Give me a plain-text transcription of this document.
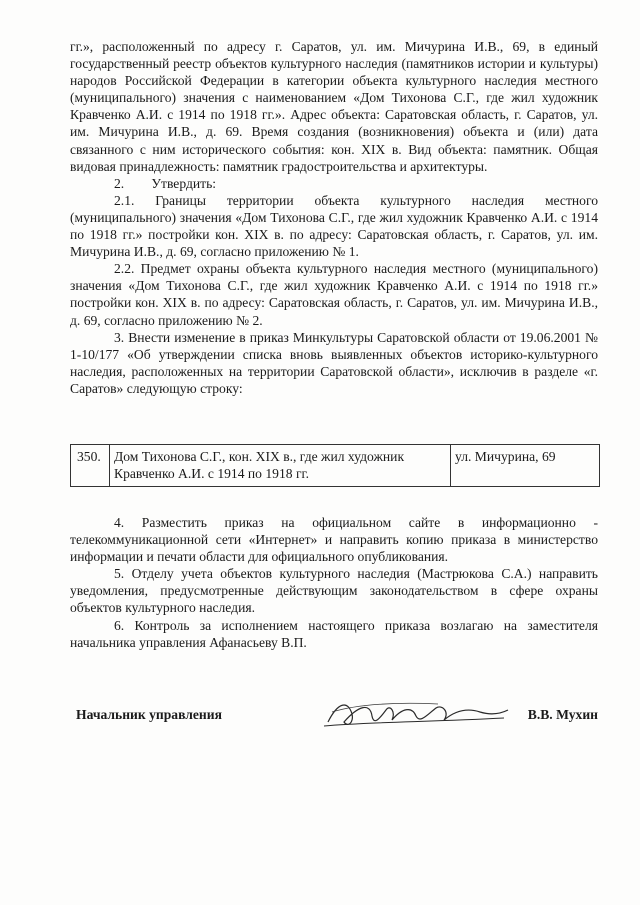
гг.», расположенный по адресу г. Саратов, ул. им. Мичурина И.В., 69, в единый государственный реестр объектов культурного наследия (памятников истории и культуры) народов Российской Федерации в категории объекта культурного наследия местного (муниципального) значения с наименованием «Дом Тихонова С.Г., где жил художник Кравченко А.И. с 1914 по 1918 гг.». Адрес объекта: Саратовская область, г. Саратов, ул. им. Мичурина И.В., д. 69. Время создания (возникновения) объекта и (или) дата связанного с ним исторического события: кон. XIX в. Вид объекта: памятник. Общая видовая принадлежность: памятник градостроительства и архитектуры.

2.        Утвердить:

2.1. Границы территории объекта культурного наследия местного (муниципального) значения «Дом Тихонова С.Г., где жил художник Кравченко А.И. с 1914 по 1918 гг.» постройки кон. XIX в. по адресу: Саратовская область, г. Саратов, ул. им. Мичурина И.В., д. 69, согласно приложению № 1.

2.2. Предмет охраны объекта культурного наследия местного (муниципального) значения «Дом Тихонова С.Г., где жил художник Кравченко А.И. с 1914 по 1918 гг.» постройки кон. XIX в. по адресу: Саратовская область, г. Саратов, ул. им. Мичурина И.В., д. 69, согласно приложению № 2.

3. Внести изменение в приказ Минкультуры Саратовской области от 19.06.2001 № 1-10/177 «Об утверждении списка вновь выявленных объектов историко-культурного наследия, расположенных на территории Саратовской области», исключив в разделе «г. Саратов» следующую строку:

350.	Дом Тихонова С.Г., кон. XIX в., где жил художник Кравченко А.И. с 1914 по 1918 гг.	ул. Мичурина, 69

4. Разместить приказ на официальном сайте в информационно - телекоммуникационной сети «Интернет» и направить копию приказа в министерство информации и печати области для официального опубликования.

5. Отделу учета объектов культурного наследия (Мастрюкова С.А.) направить уведомления, предусмотренные действующим законодательством в сфере охраны объектов культурного наследия.

6. Контроль за исполнением настоящего приказа возлагаю на заместителя начальника управления Афанасьеву В.П.

Начальник управления	В.В. Мухин
